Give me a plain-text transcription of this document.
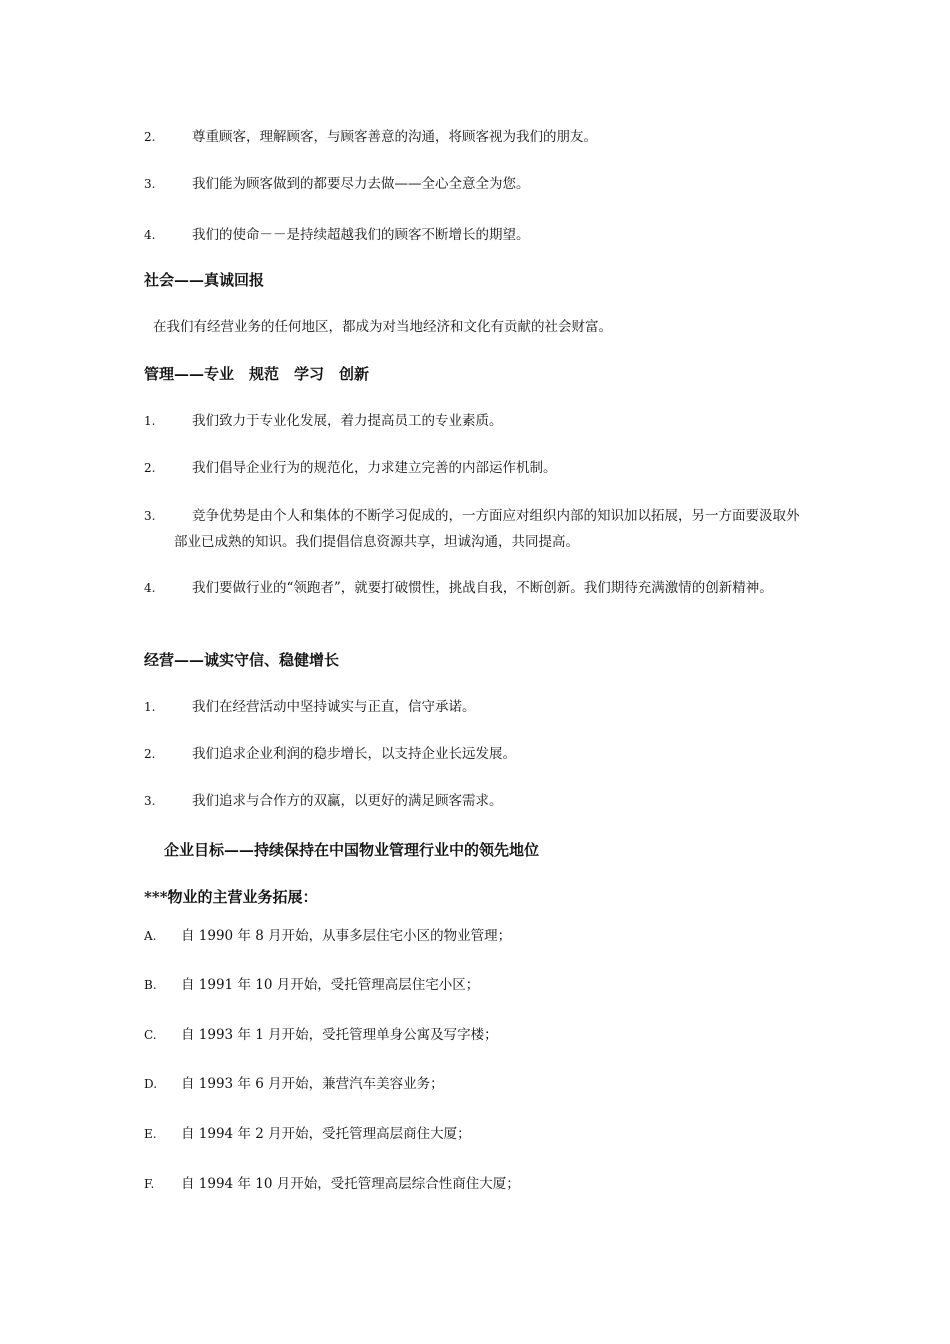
2.	尊重顾客，理解顾客，与顾客善意的沟通，将顾客视为我们的朋友。
3.	我们能为顾客做到的都要尽力去做——全心全意全为您。
4.	我们的使命－－是持续超越我们的顾客不断增长的期望。
社会——真诚回报
在我们有经营业务的任何地区，都成为对当地经济和文化有贡献的社会财富。
管理——专业　规范　学习　创新
1.	我们致力于专业化发展，着力提高员工的专业素质。
2.	我们倡导企业行为的规范化，力求建立完善的内部运作机制。
3.	竞争优势是由个人和集体的不断学习促成的，一方面应对组织内部的知识加以拓展，另一方面要汲取外部业已成熟的知识。我们提倡信息资源共享，坦诚沟通，共同提高。
4.	我们要做行业的“领跑者”，就要打破惯性，挑战自我，不断创新。我们期待充满激情的创新精神。
经营——诚实守信、稳健增长
1.	我们在经营活动中坚持诚实与正直，信守承诺。
2.	我们追求企业利润的稳步增长，以支持企业长远发展。
3.	我们追求与合作方的双赢，以更好的满足顾客需求。
企业目标——持续保持在中国物业管理行业中的领先地位
***物业的主营业务拓展：
A. 自 1990 年 8 月开始，从事多层住宅小区的物业管理；
B. 自 1991 年 10 月开始，受托管理高层住宅小区；
C. 自 1993 年 1 月开始，受托管理单身公寓及写字楼；
D. 自 1993 年 6 月开始，兼营汽车美容业务；
E. 自 1994 年 2 月开始，受托管理高层商住大厦；
F. 自 1994 年 10 月开始，受托管理高层综合性商住大厦；
